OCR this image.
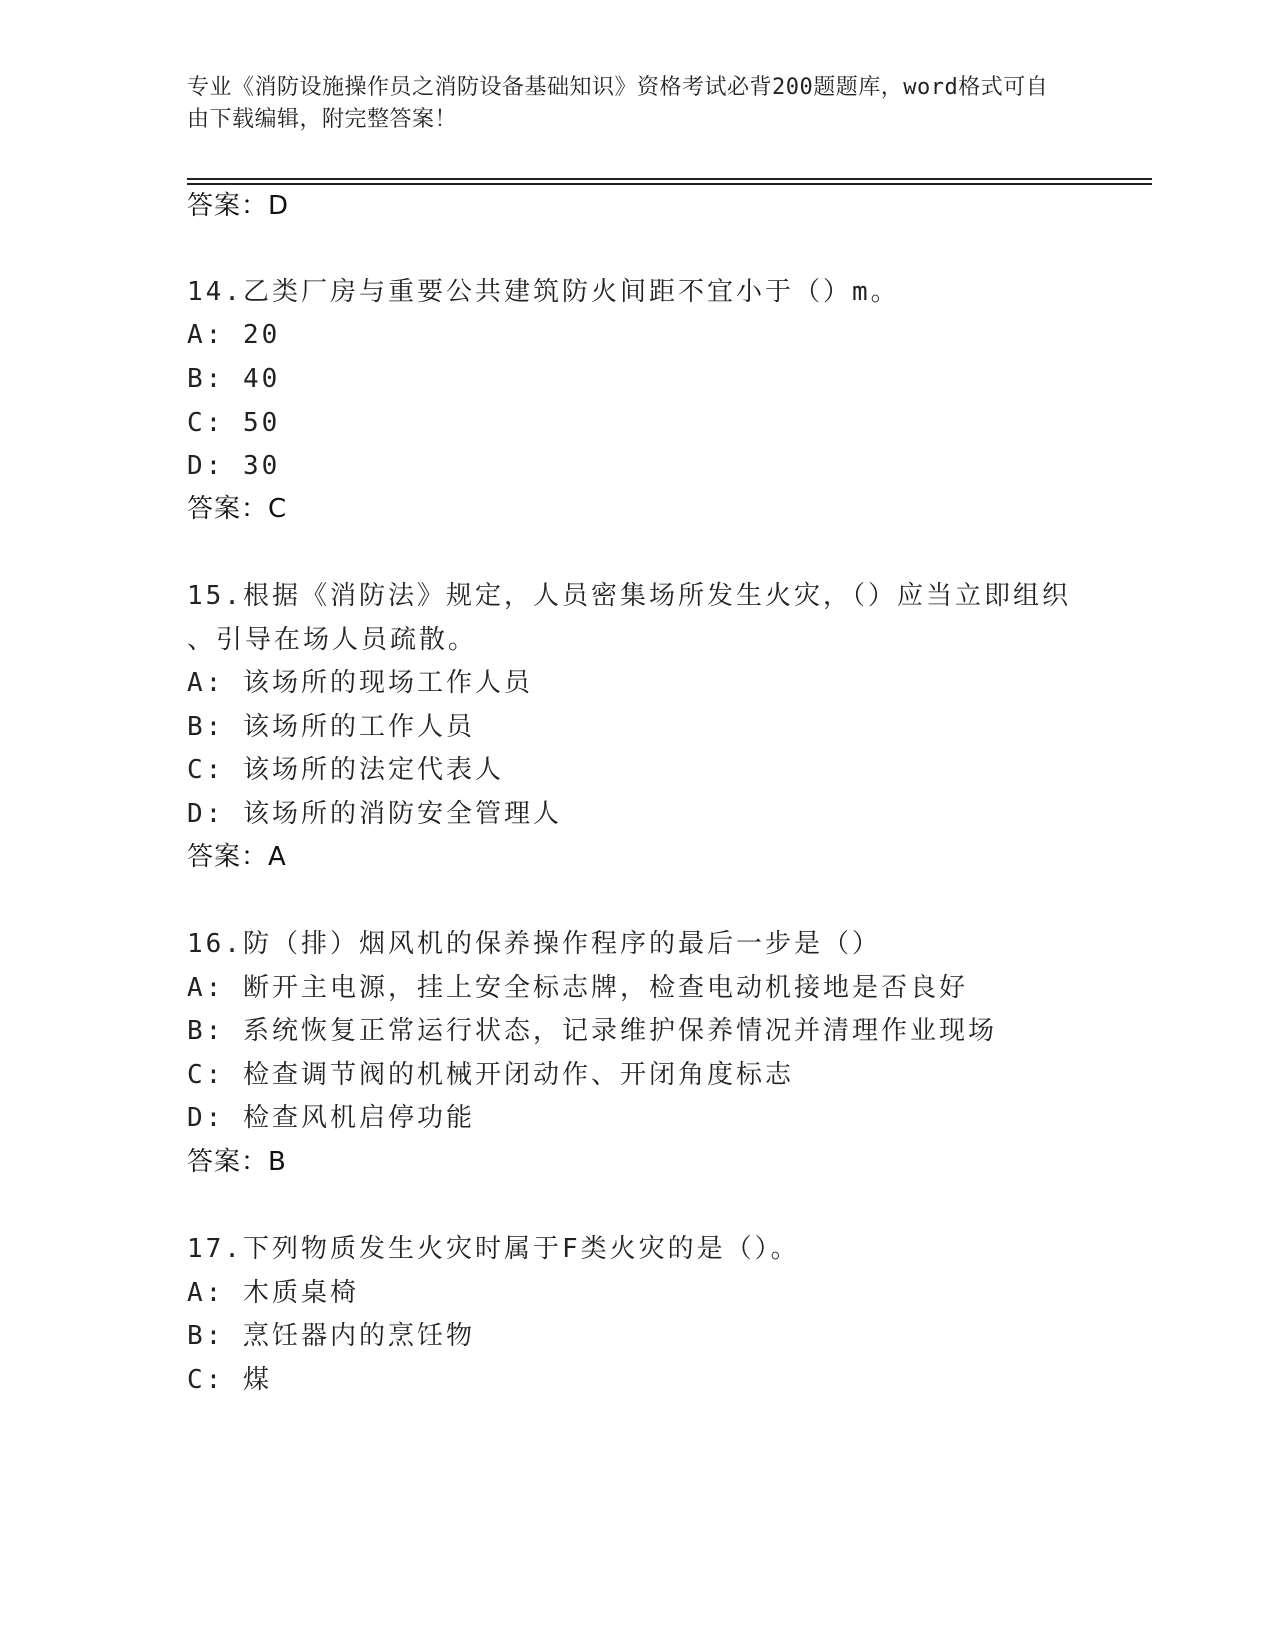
专业《消防设施操作员之消防设备基础知识》资格考试必背200题题库，word格式可自由下载编辑，附完整答案！
答案：D
14.乙类厂房与重要公共建筑防火间距不宜小于（）m。
A: 20
B: 40
C: 50
D: 30
答案：C
15.根据《消防法》规定，人员密集场所发生火灾，（）应当立即组织
、引导在场人员疏散。
A: 该场所的现场工作人员
B: 该场所的工作人员
C: 该场所的法定代表人
D: 该场所的消防安全管理人
答案：A
16.防（排）烟风机的保养操作程序的最后一步是（）
A: 断开主电源，挂上安全标志牌，检查电动机接地是否良好
B: 系统恢复正常运行状态，记录维护保养情况并清理作业现场
C: 检查调节阀的机械开闭动作、开闭角度标志
D: 检查风机启停功能
答案：B
17.下列物质发生火灾时属于F类火灾的是（）。
A: 木质桌椅
B: 烹饪器内的烹饪物
C: 煤
